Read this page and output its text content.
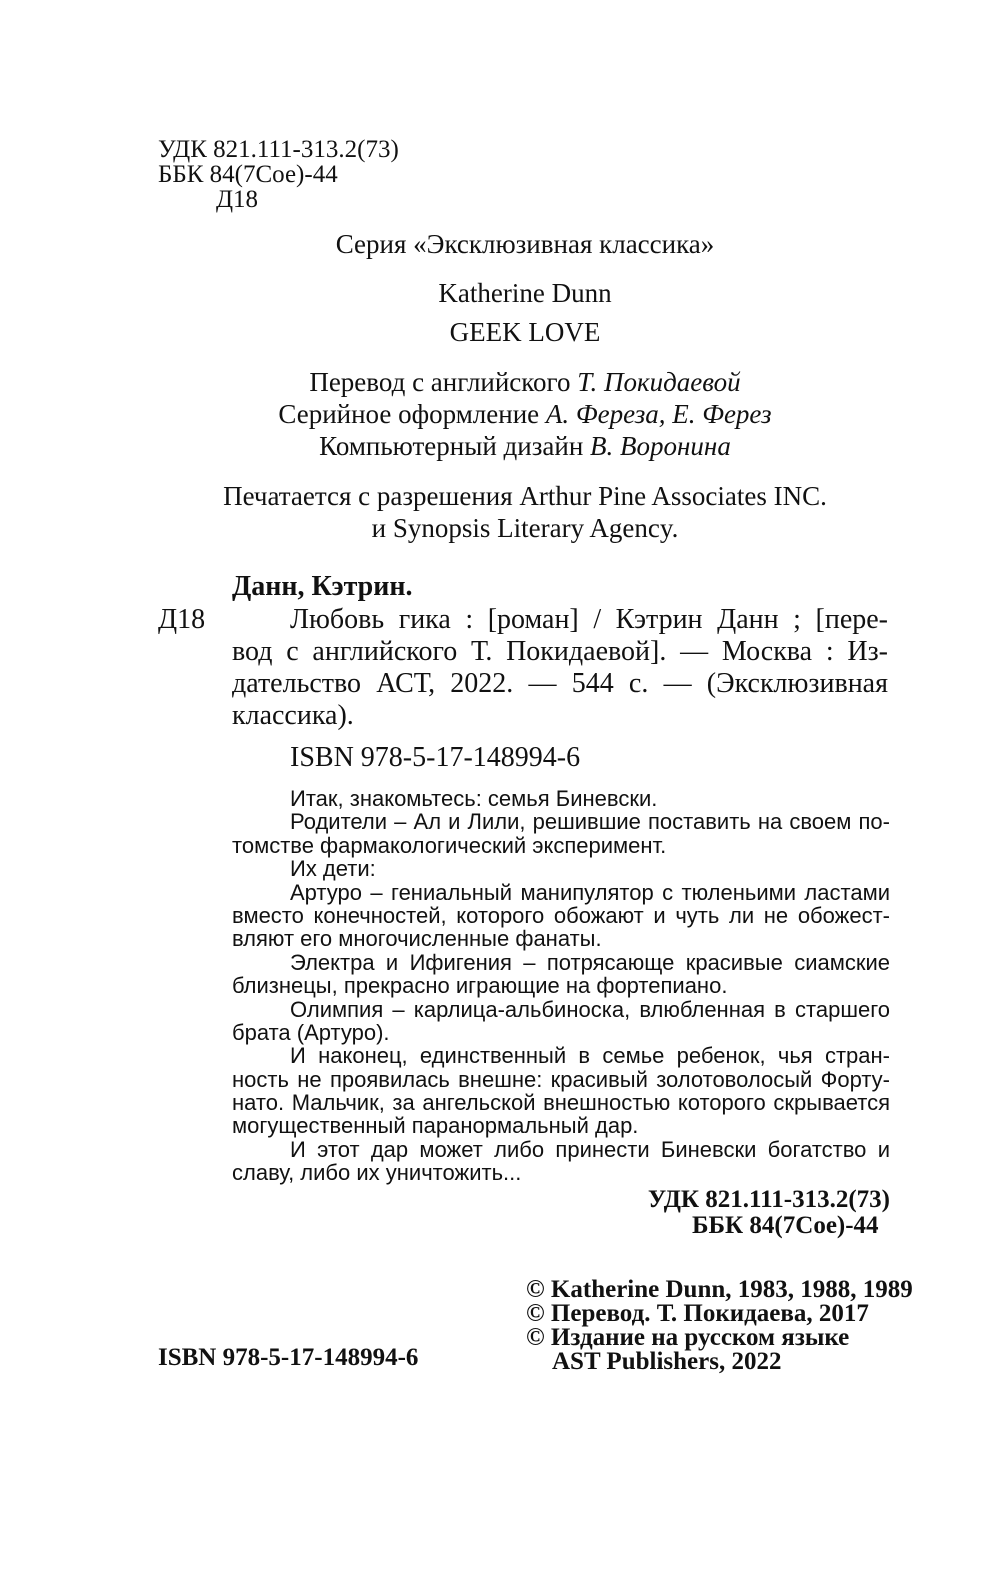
УДК 821.111-313.2(73)
ББК 84(7Сое)-44
Д18
Серия «Эксклюзивная классика»
Katherine Dunn
GEEK LOVE
Перевод с английского Т. Покидаевой
Серийное оформление А. Фереза, Е. Ферез
Компьютерный дизайн В. Воронина
Печатается с разрешения Arthur Pine Associates INC.
и Synopsis Literary Agency.
Данн, Кэтрин.
Д18	Любовь гика : [роман] / Кэтрин Данн ; [пере-
вод с английского Т. Покидаевой]. — Москва : Из-
дательство АСТ, 2022. — 544 с. — (Эксклюзивная
классика).
ISBN 978-5-17-148994-6
Итак, знакомьтесь: семья Биневски.
Родители – Ал и Лили, решившие поставить на своем по-
томстве фармакологический эксперимент.
Их дети:
Артуро – гениальный манипулятор с тюленьими ластами
вместо конечностей, которого обожают и чуть ли не обожест-
вляют его многочисленные фанаты.
Электра и Ифигения – потрясающе красивые сиамские
близнецы, прекрасно играющие на фортепиано.
Олимпия – карлица-альбиноска, влюбленная в старшего
брата (Артуро).
И наконец, единственный в семье ребенок, чья стран-
ность не проявилась внешне: красивый золотоволосый Форту-
нато. Мальчик, за ангельской внешностью которого скрывается
могущественный паранормальный дар.
И этот дар может либо принести Биневски богатство и
славу, либо их уничтожить...
УДК 821.111-313.2(73)
ББК 84(7Сое)-44
© Katherine Dunn, 1983, 1988, 1989
© Перевод. Т. Покидаева, 2017
© Издание на русском языке
AST Publishers, 2022
ISBN 978-5-17-148994-6
